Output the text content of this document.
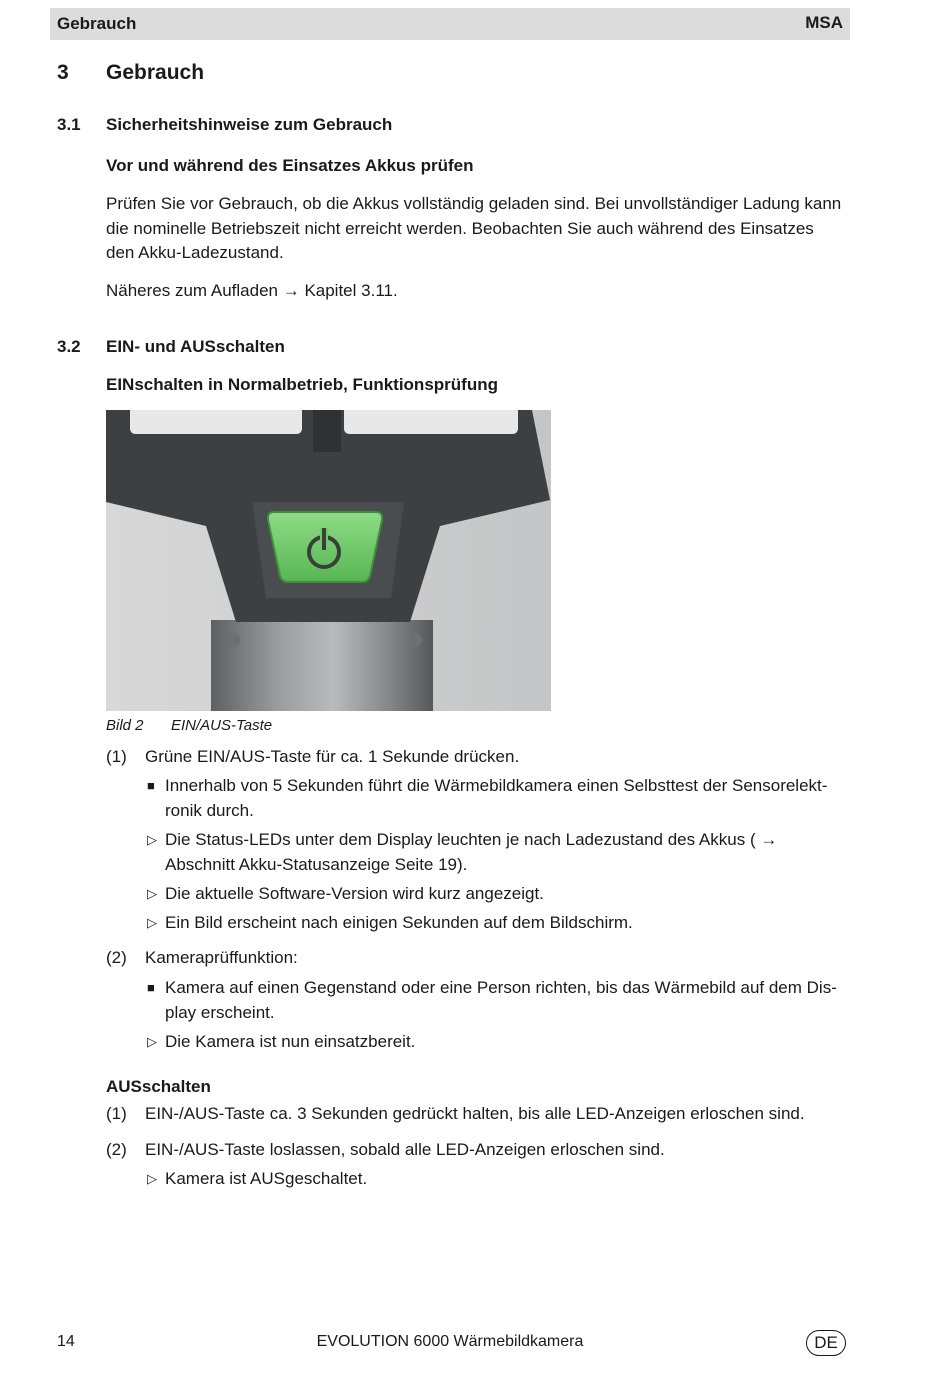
Gebrauch	MSA
3 Gebrauch
3.1 Sicherheitshinweise zum Gebrauch
Vor und während des Einsatzes Akkus prüfen

Prüfen Sie vor Gebrauch, ob die Akkus vollständig geladen sind. Bei unvollständiger Ladung kann die nominelle Betriebszeit nicht erreicht werden. Beobachten Sie auch während des Einsatzes den Akku-Ladezustand.

Näheres zum Aufladen → Kapitel 3.11.

3.2 EIN- und AUSschalten
EINschalten in Normalbetrieb, Funktionsprüfung
Bild 2 EIN/AUS-Taste
(1) Grüne EIN/AUS-Taste für ca. 1 Sekunde drücken.
■ Innerhalb von 5 Sekunden führt die Wärmebildkamera einen Selbsttest der Sensorelekt-ronik durch.
▷ Die Status-LEDs unter dem Display leuchten je nach Ladezustand des Akkus ( → Abschnitt Akku-Statusanzeige Seite 19).
▷ Die aktuelle Software-Version wird kurz angezeigt.
▷ Ein Bild erscheint nach einigen Sekunden auf dem Bildschirm.
(2) Kameraprüffunktion:
■ Kamera auf einen Gegenstand oder eine Person richten, bis das Wärmebild auf dem Dis-play erscheint.
▷ Die Kamera ist nun einsatzbereit.
AUSschalten
(1) EIN-/AUS-Taste ca. 3 Sekunden gedrückt halten, bis alle LED-Anzeigen erloschen sind.
(2) EIN-/AUS-Taste loslassen, sobald alle LED-Anzeigen erloschen sind.
▷ Kamera ist AUSgeschaltet.
14	EVOLUTION 6000 Wärmebildkamera	DE
